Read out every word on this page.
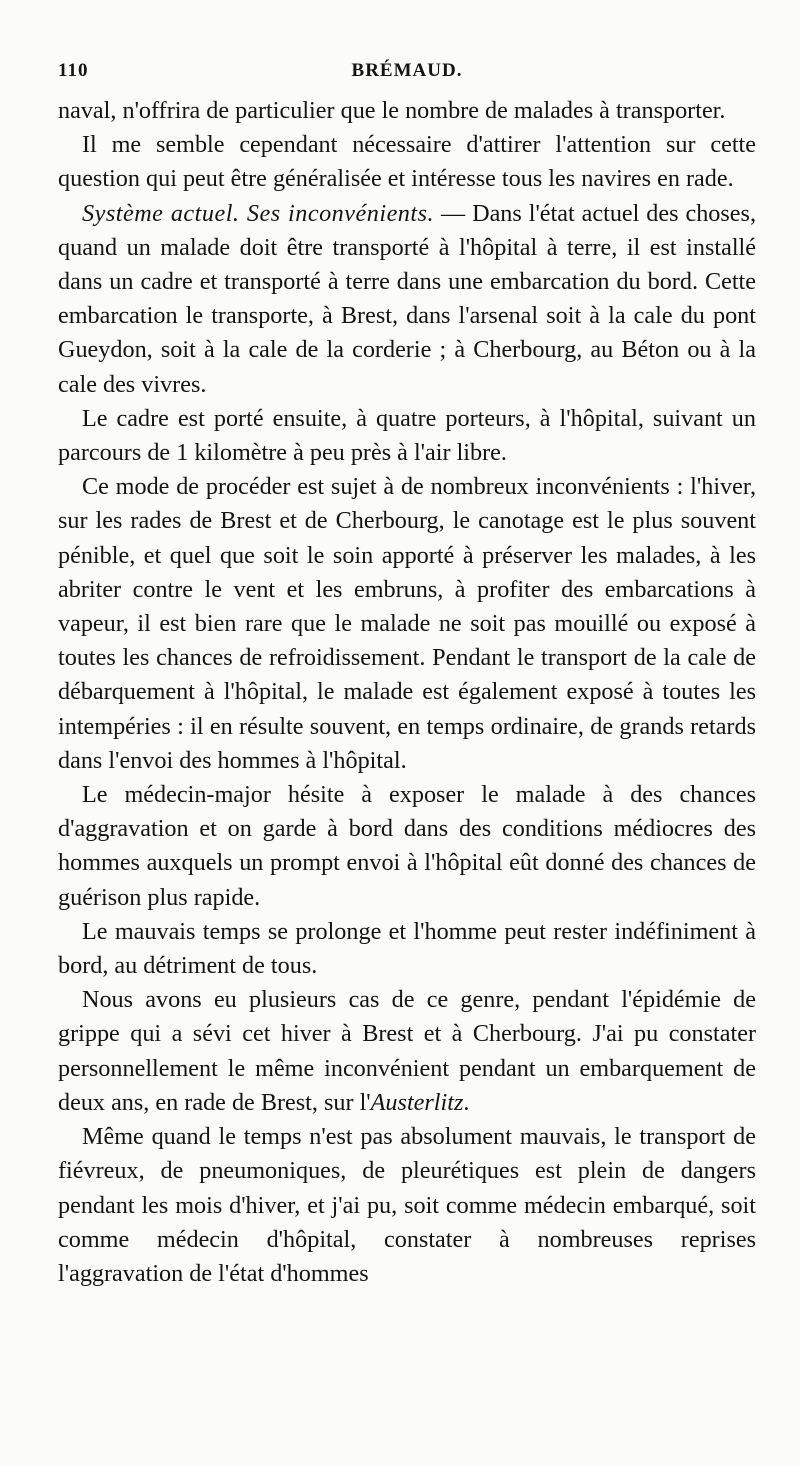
110	BRÉMAUD.

naval, n'offrira de particulier que le nombre de malades à transporter.

Il me semble cependant nécessaire d'attirer l'attention sur cette question qui peut être généralisée et intéresse tous les navires en rade.

Système actuel. Ses inconvénients. — Dans l'état actuel des choses, quand un malade doit être transporté à l'hôpital à terre, il est installé dans un cadre et transporté à terre dans une embarcation du bord. Cette embarcation le transporte, à Brest, dans l'arsenal soit à la cale du pont Gueydon, soit à la cale de la corderie ; à Cherbourg, au Béton ou à la cale des vivres.

Le cadre est porté ensuite, à quatre porteurs, à l'hôpital, suivant un parcours de 1 kilomètre à peu près à l'air libre.

Ce mode de procéder est sujet à de nombreux inconvénients : l'hiver, sur les rades de Brest et de Cherbourg, le canotage est le plus souvent pénible, et quel que soit le soin apporté à préserver les malades, à les abriter contre le vent et les embruns, à profiter des embarcations à vapeur, il est bien rare que le malade ne soit pas mouillé ou exposé à toutes les chances de refroidissement. Pendant le transport de la cale de débarquement à l'hôpital, le malade est également exposé à toutes les intempéries : il en résulte souvent, en temps ordinaire, de grands retards dans l'envoi des hommes à l'hôpital.

Le médecin-major hésite à exposer le malade à des chances d'aggravation et on garde à bord dans des conditions médiocres des hommes auxquels un prompt envoi à l'hôpital eût donné des chances de guérison plus rapide.

Le mauvais temps se prolonge et l'homme peut rester indéfiniment à bord, au détriment de tous.

Nous avons eu plusieurs cas de ce genre, pendant l'épidémie de grippe qui a sévi cet hiver à Brest et à Cherbourg. J'ai pu constater personnellement le même inconvénient pendant un embarquement de deux ans, en rade de Brest, sur l'Austerlitz.

Même quand le temps n'est pas absolument mauvais, le transport de fiévreux, de pneumoniques, de pleurétiques est plein de dangers pendant les mois d'hiver, et j'ai pu, soit comme médecin embarqué, soit comme médecin d'hôpital, constater à nombreuses reprises l'aggravation de l'état d'hommes
